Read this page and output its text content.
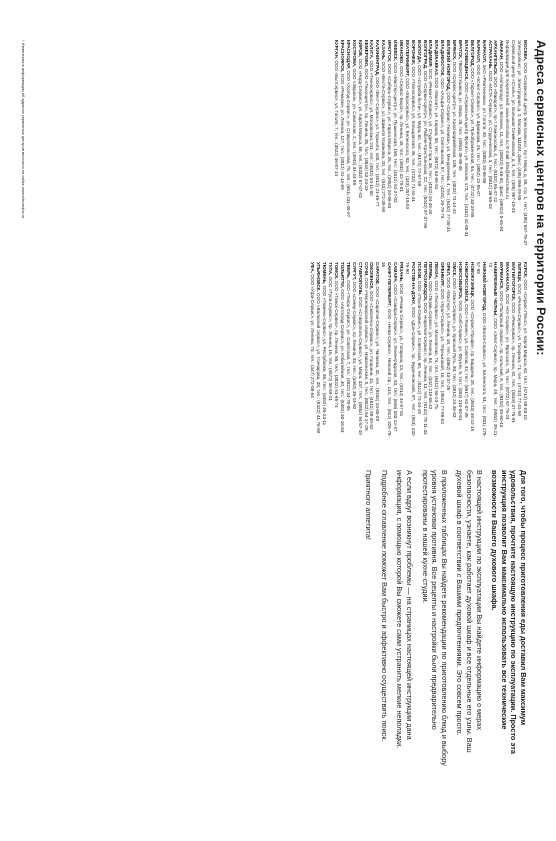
Адреса сервисных центров на территории России:

МОСКВА, ООО «Сервисный Центр Электролюкс», пр-т Мира, д. 68, стр. 1, тел.: (495) 937-78-37

Электролюкс, ул. Электродная, д. 2, Москва, 111024; факс: (495) 956-29-85

Сервисный центр «Стиль», ул. Большая Семёновская, д. 4, тел.: (495) 967-19-91

Информация для покупателей: www.electrolux.ru; E-mail: info@electrolux.ru

АБАКАН, ООО «Автохолод», ул. Вяткина, 12, тел.: (39022) 5-45-94, факс: (39022) 5-45-94

АРХАНГЕЛЬСК, ООО «Фаворит», пр-т Ломоносова, 4, тел.: (8182) 65-47-22

АСТРАХАНЬ, ООО «ИСТА-Сервис», ул. Студенческая, 3, тел.: (8512) 38-65-33

БАРНАУЛ, ЗАО «Ремтехника», ул. Гоголя, 49, тел.: (3852) 20-56-86

БАРНАУЛ, ООО «Юнит-Сервис», ул. Шумакова, 26, тел.: (3852) 22-55-07

БЕЛГОРОД, ООО «Гарант-Сервис», ул. Преображенская, 84, тел.: (4722) 33-29-88

БЛАГОВЕЩЕНСК, ООО «Сервисный центр Фрегат», ул. Зейская, 173, тел.: (4162) 42-88-31

БРАТСК, ПБОЮЛ Ушаков, ул. Мира, 28, тел.: (3953) 45-98-46

БРЯНСК, ООО «Сервис-Центр», ул. Красноармейская, 136, тел.: (4832) 74-14-42

ВЕЛИКИЙ НОВГОРОД, ООО «Сервис-Техника», ул. Менделеева, 4, тел.: (8162) 77-30-31

ВЛАДИВОСТОК, ООО «Альфа-Сервис», ул. Светланская, 87, тел.: (4232) 26-79-79

ВЛАДИКАВКАЗ, ООО «Магнит», ул. Кирова, 58, тел.: (8672) 53-68-51

ВЛАДИМИР, ООО «Ремонт-Сервис», ул. Студеная Гора, 36, тел.: (4922) 34-46-40

ВОЛГОГРАД, ООО «Сервис-Центр», ул. Рабоче-Крестьянская, 22, тел.: (8442) 97-37-96

ВОЛОГДА, ООО «Служба быта», ул. Мира, 82, тел.: (8172) 72-57-69

ВОРОНЕЖ, ООО «Техносервис», ул. Кольцовская, 45, тел.: (4732) 71-31-31

ЕКАТЕРИНБУРГ, ООО «Евросервис», ул. Белинского, 83, тел.: (343) 257-19-03

ИВАНОВО, ООО «Сервис-Бюро», пр. Ленина, 49, тел.: (4932) 32-70-01

ИЖЕВСК, ООО «Мастер-Центр», ул. Пушкинская, 150, тел.: (3412) 51-27-03

ИРКУТСК, ООО «Сибирь-Сервис», ул. Карла Маркса, 25, тел.: (3952) 20-88-63

КАЗАНЬ, ООО «Веста-Сервис», ул. Шамиля Усманова, 20, тел.: (843) 272-35-59

КАЛИНИНГРАД, ООО «Вест-Сервис», ул. Горького, 100, тел.: (4012) 21-46-77

КАЛУГА, ООО «Техносервис», ул. Московская, 211, тел.: (4842) 54-11-60

КЕМЕРОВО, ООО «Техноцентр», пр. Ленина, 35, тел.: (3842) 52-23-23

КИРОВ, ООО «Норд-Сервис», ул. Карла Маркса, 58, тел.: (8332) 67-07-02

КОСТРОМА, ООО «Эврика», ул. Советская, 2, тел.: (4942) 31-44-88

КРАСНОДАР, ООО «Холод-Сервис», ул. Ставропольская, 75, тел.: (861) 231-45-97

КРАСНОЯРСК, ООО «Ремком», ул. Ленина, 127, тел.: (3912) 21-14-69

КУРГАН, ООО «Бытсервис», ул. Гоголя, 7, тел.: (3522) 46-87-14

КУРСК, ООО «Сервис-Плюс», ул. Карла Маркса, 62, тел.: (4712) 58-03-10

ЛИПЕЦК, ООО «Регион-Сервис», ул. Гагарина, 71, тел.: (4742) 77-41-58

МАГНИТОГОРСК, ООО «Ремсервис», пр. Ленина, 92, тел.: (3519) 37-76-91

МАХАЧКАЛА, ООО «Юг-Сервис», ул. Ярагского, 75, тел.: (8722) 67-75-24

МУРМАНСК, ООО «Полярный сервис», пр. Кольский, 9, тел.: (8152) 45-60-43

НАБЕРЕЖНЫЕ ЧЕЛНЫ, ООО «Элит-Сервис», пр. Мира, 49, тел.: (8552) 39-21-73

НИЖНИЙ НОВГОРОД, ООО «Волга-Сервис», ул. Белинского, 61, тел.: (831) 278-57-88

НОВОКУЗНЕЦК, ООО «Сервис-Профи», пр. Бардина, 28, тел.: (3843) 46-22-15

НОВОРОССИЙСК, ООО «Техник», ул. Советов, 42, тел.: (8617) 61-07-35

НОВОСИБИРСК, ООО «Сиб-Сервис», ул. Фрунзе, 5, тел.: (383) 210-50-81

ОМСК, ООО «Омск-Сервис», ул. Красный Путь, 30, тел.: (3812) 24-46-03

ОРЕЛ, ООО «Мастер», ул. Ленина, 18, тел.: (4862) 43-37-26

ОРЕНБУРГ, ООО «Урал-Сервис», ул. Терешковой, 10, тел.: (3532) 77-08-53

ПЕНЗА, ООО «Техсервис», ул. Московская, 74, тел.: (8412) 56-23-75

ПЕРМЬ, ООО «Пермь-Сервис», ул. Ленина, 64, тел.: (342) 219-56-42

ПЕТРОЗАВОДСК, ООО «Карелия-Сервис», пр. Ленина, 13, тел.: (8142) 78-11-33

ПСКОВ, ООО «Псков-Сервис», ул. Советская, 60, тел.: (8112) 72-44-19

РОСТОВ-НА-ДОНУ, ООО «Дон-Сервис», пр. Буденновский, 97, тел.: (863) 232-76-90

РЯЗАНЬ, ООО «Рязань-Сервис», ул. Гагарина, 23, тел.: (4912) 44-57-81

САМАРА, ООО «Самара-Сервис», ул. Ленинградская, 53, тел.: (846) 333-12-47

САНКТ-ПЕТЕРБУРГ, ООО «Нева-Сервис», Невский пр., 114, тел.: (812) 325-78-36

САРАТОВ, ООО «Саратов-Сервис», ул. Чапаева, 32, тел.: (8452) 23-66-09

СМОЛЕНСК, ООО «Смоленск-Сервис», ул. Гагарина, 14, тел.: (4812) 38-40-52

СОЧИ, ООО «Черноморский сервис», ул. Навагинская, 9, тел.: (8622) 64-17-28

СТАВРОПОЛЬ, ООО «Ставрополь-Сервис», ул. Мира, 337, тел.: (8652) 94-57-19

СУРГУТ, ООО «Север-Сервис», пр. Ленина, 43, тел.: (3462) 35-14-82

ТВЕРЬ, ООО «Тверь-Сервис», ул. Советская, 7, тел.: (4822) 34-78-06

ТОЛЬЯТТИ, ООО «Автоград-Сервис», ул. Юбилейная, 40, тел.: (8482) 30-16-53

ТОМСК, ООО «Томск-Сервис», пр. Ленина, 80, тел.: (3822) 51-66-74

ТУЛА, ООО «Тула-Сервис», пр. Ленина, 15, тел.: (4872) 36-59-21

ТЮМЕНЬ, ООО «Тюмень-Сервис», ул. Республики, 65, тел.: (3452) 45-23-11

УЛЬЯНОВСК, ООО «Волжский сервис», ул. Гончарова, 38, тел.: (8422) 41-76-50

УФА, ООО «Уфа-Сервис», ул. Ленина, 70, тел.: (347) 272-08-64

* Изменения в информации об адресах сервисных центров вносятся на сайте www.electrolux.ru

Для того, чтобы процесс приготовления еды доставил Вам максимум удовольствия, прочтите настоящую инструкцию по эксплуатации. Просто эта инструкция позволит Вам максимально использовать все технические возможности Вашего духового шкафа.

В настоящей инструкции по эксплуатации Вы найдете информацию о мерах безопасности, узнаете, как работает духовой шкаф и все отдельные его узлы. Ваш духовой шкаф в соответствии с Вашими предпочтениями. Это совсем просто.

В приложенных таблицах Вы найдете рекомендации по приготовлению блюд и выбору уровня установки противня. Все рецепты и настройки были предварительно протестированы в нашей кухне-студии.

А если вдруг возникнут проблемы — на страницах настоящей инструкции дана информация, с помощью которой Вы сможете сами устранить мелкие неполадки.

Подробное оглавление поможет Вам быстро и эффективно осуществить поиск.

Приятного аппетита!
